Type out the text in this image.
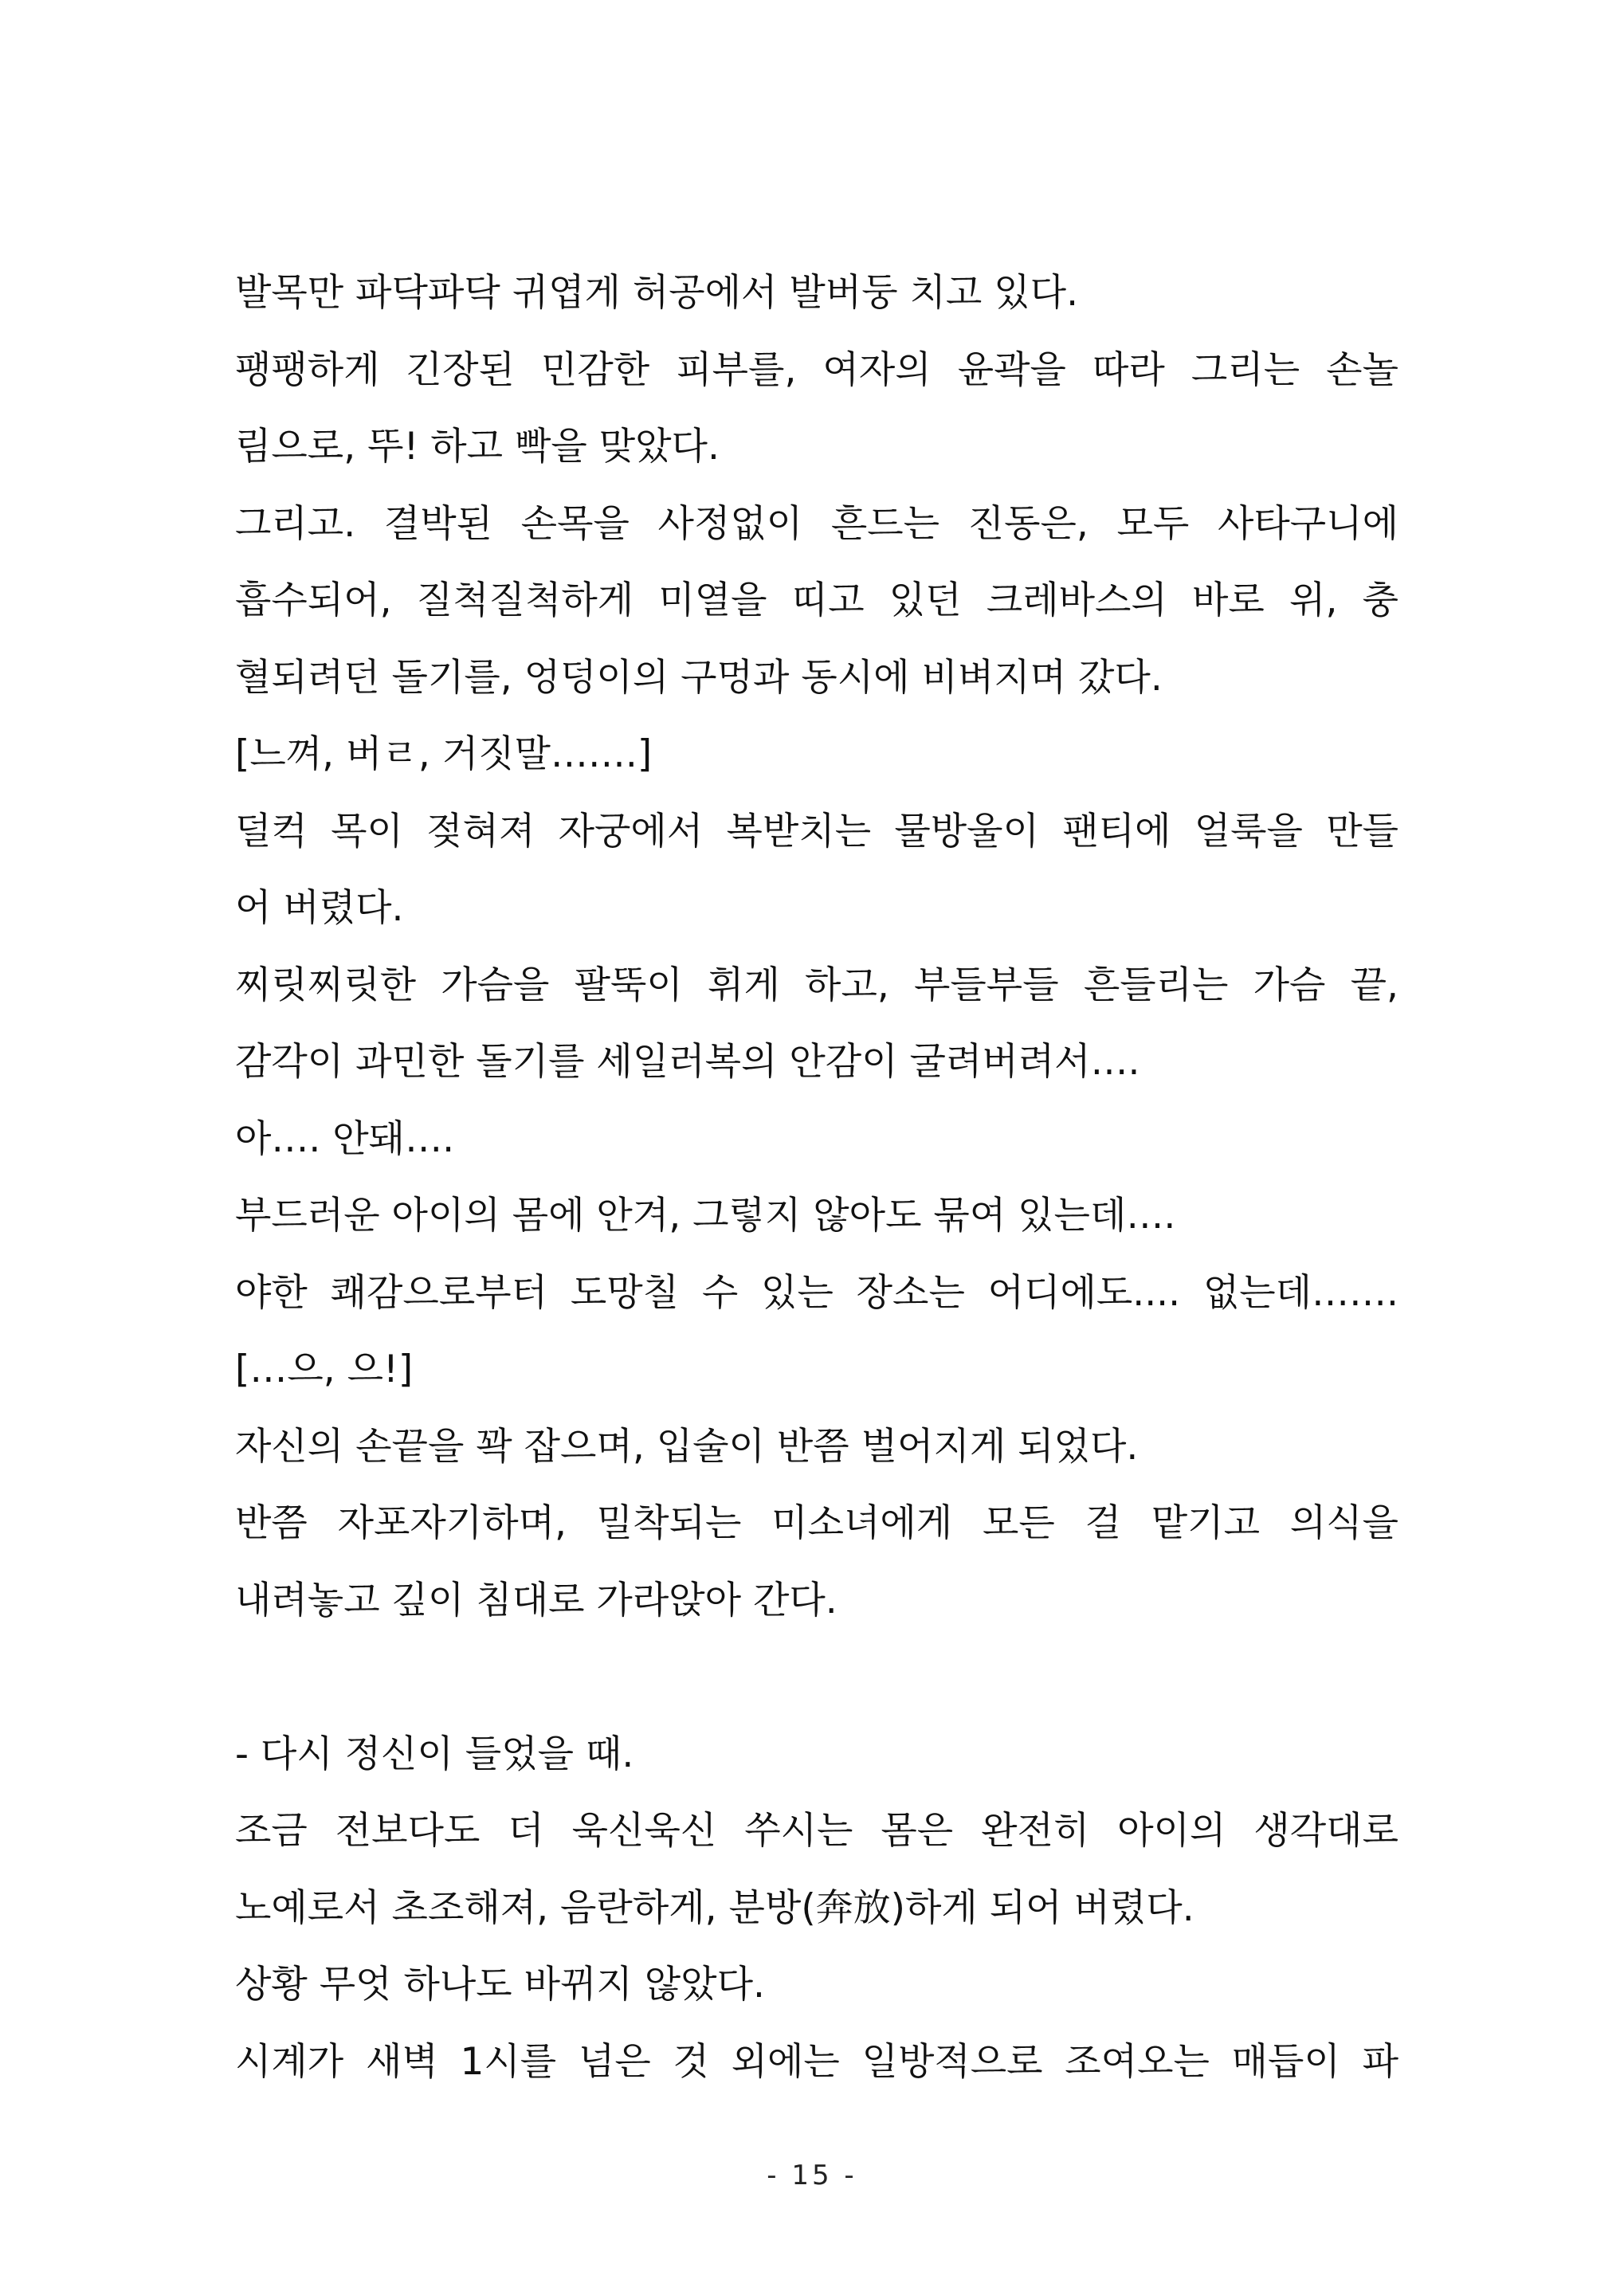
발목만 파닥파닥 귀엽게 허공에서 발버둥 치고 있다.
팽팽하게 긴장된 민감한 피부를, 여자의 윤곽을 따라 그리는 손놀
림으로, 뚜! 하고 빡을 맞았다.
그리고. 결박된 손목을 사정없이 흔드는 진동은, 모두 사타구니에
흡수되어, 질척질척하게 미열을 띠고 있던 크레바스의 바로 위, 충
혈되려던 돌기를, 엉덩이의 구멍과 동시에 비벼지며 갔다.
[느껴, 버ㄹ, 거짓말…….]
덜컥 목이 젖혀져 자궁에서 복받치는 물방울이 팬티에 얼룩을 만들
어 버렸다.
찌릿찌릿한 가슴을 팔뚝이 휘게 하고, 부들부들 흔들리는 가슴 끝,
감각이 과민한 돌기를 세일러복의 안감이 굴려버려서….
아…. 안돼….
부드러운 아이의 몸에 안겨, 그렇지 않아도 묶여 있는데….
야한 쾌감으로부터 도망칠 수 있는 장소는 어디에도.... 없는데…….
[…으, 으!]
자신의 손끝을 꽉 잡으며, 입술이 반쯤 벌어지게 되었다.
반쯤 자포자기하며, 밀착되는 미소녀에게 모든 걸 맡기고 의식을
내려놓고 깊이 침대로 가라앉아 간다.
- 다시 정신이 들었을 때.
조금 전보다도 더 욱신욱신 쑤시는 몸은 완전히 아이의 생각대로
노예로서 초조해져, 음란하게, 분방(奔放)하게 되어 버렸다.
상황 무엇 하나도 바뀌지 않았다.
시계가 새벽 1시를 넘은 것 외에는 일방적으로 조여오는 매듭이 파
- 15 -
